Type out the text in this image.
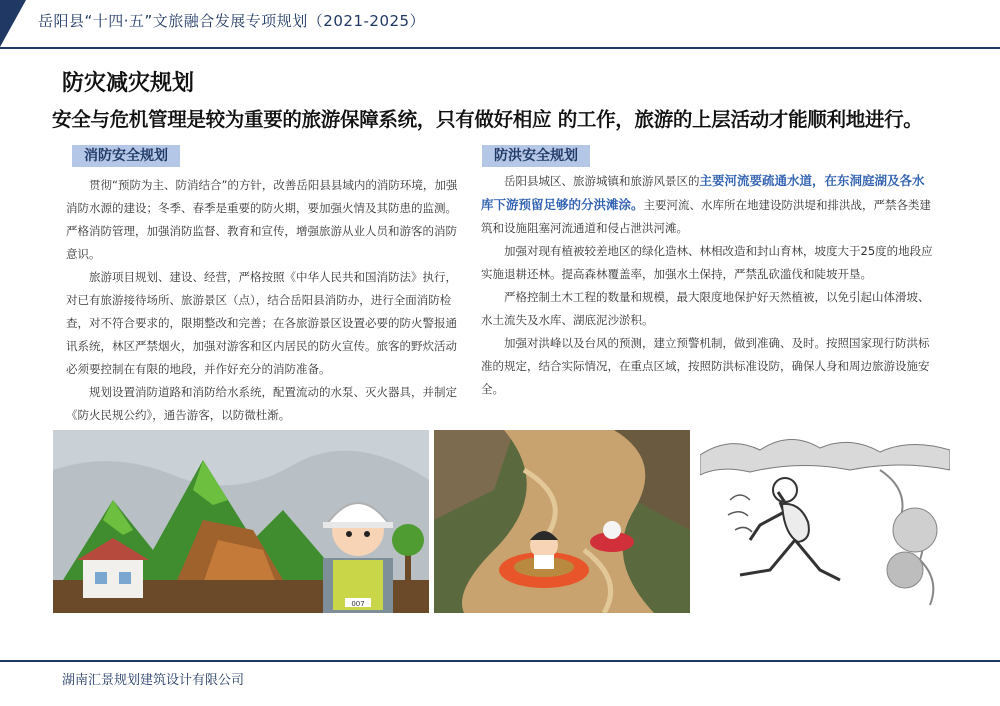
岳阳县“十四·五”文旅融合发展专项规划（2021-2025）
防灾减灾规划
安全与危机管理是较为重要的旅游保障系统，只有做好相应 的工作，旅游的上层活动才能顺利地进行。
消防安全规划

贯彻“预防为主、防消结合”的方针，改善岳阳县县域内的消防环境，加强消防水源的建设；冬季、春季是重要的防火期，要加强火情及其防患的监测。严格消防管理，加强消防监督、教育和宣传，增强旅游从业人员和游客的消防意识。

旅游项目规划、建设、经营，严格按照《中华人民共和国消防法》执行，对已有旅游接待场所、旅游景区（点），结合岳阳县消防办，进行全面消防检查，对不符合要求的，限期整改和完善；在各旅游景区设置必要的防火警报通讯系统，林区严禁烟火，加强对游客和区内居民的防火宣传。旅客的野炊活动必须要控制在有限的地段，并作好充分的消防准备。

规划设置消防道路和消防给水系统，配置流动的水泵、灭火器具，并制定《防火民规公约》，通告游客，以防微杜渐。

防洪安全规划

岳阳县城区、旅游城镇和旅游风景区的主要河流要疏通水道，在东洞庭湖及各水库下游预留足够的分洪滩涂。主要河流、水库所在地建设防洪堤和排洪战，严禁各类建筑和设施阻塞河流通道和侵占泄洪河滩。

加强对现有植被较差地区的绿化造林、林相改造和封山育林，坡度大于25度的地段应实施退耕还林。提高森林覆盖率，加强水土保持，严禁乱砍滥伐和陡坡开垦。

严格控制土木工程的数量和规模，最大限度地保护好天然植被，以免引起山体滑坡、水土流失及水库、湖底泥沙淤积。

加强对洪峰以及台风的预测，建立预警机制，做到准确、及时。按照国家现行防洪标准的规定，结合实际情况，在重点区域，按照防洪标准设防，确保人身和周边旅游设施安全。

007
湖南汇景规划建筑设计有限公司
